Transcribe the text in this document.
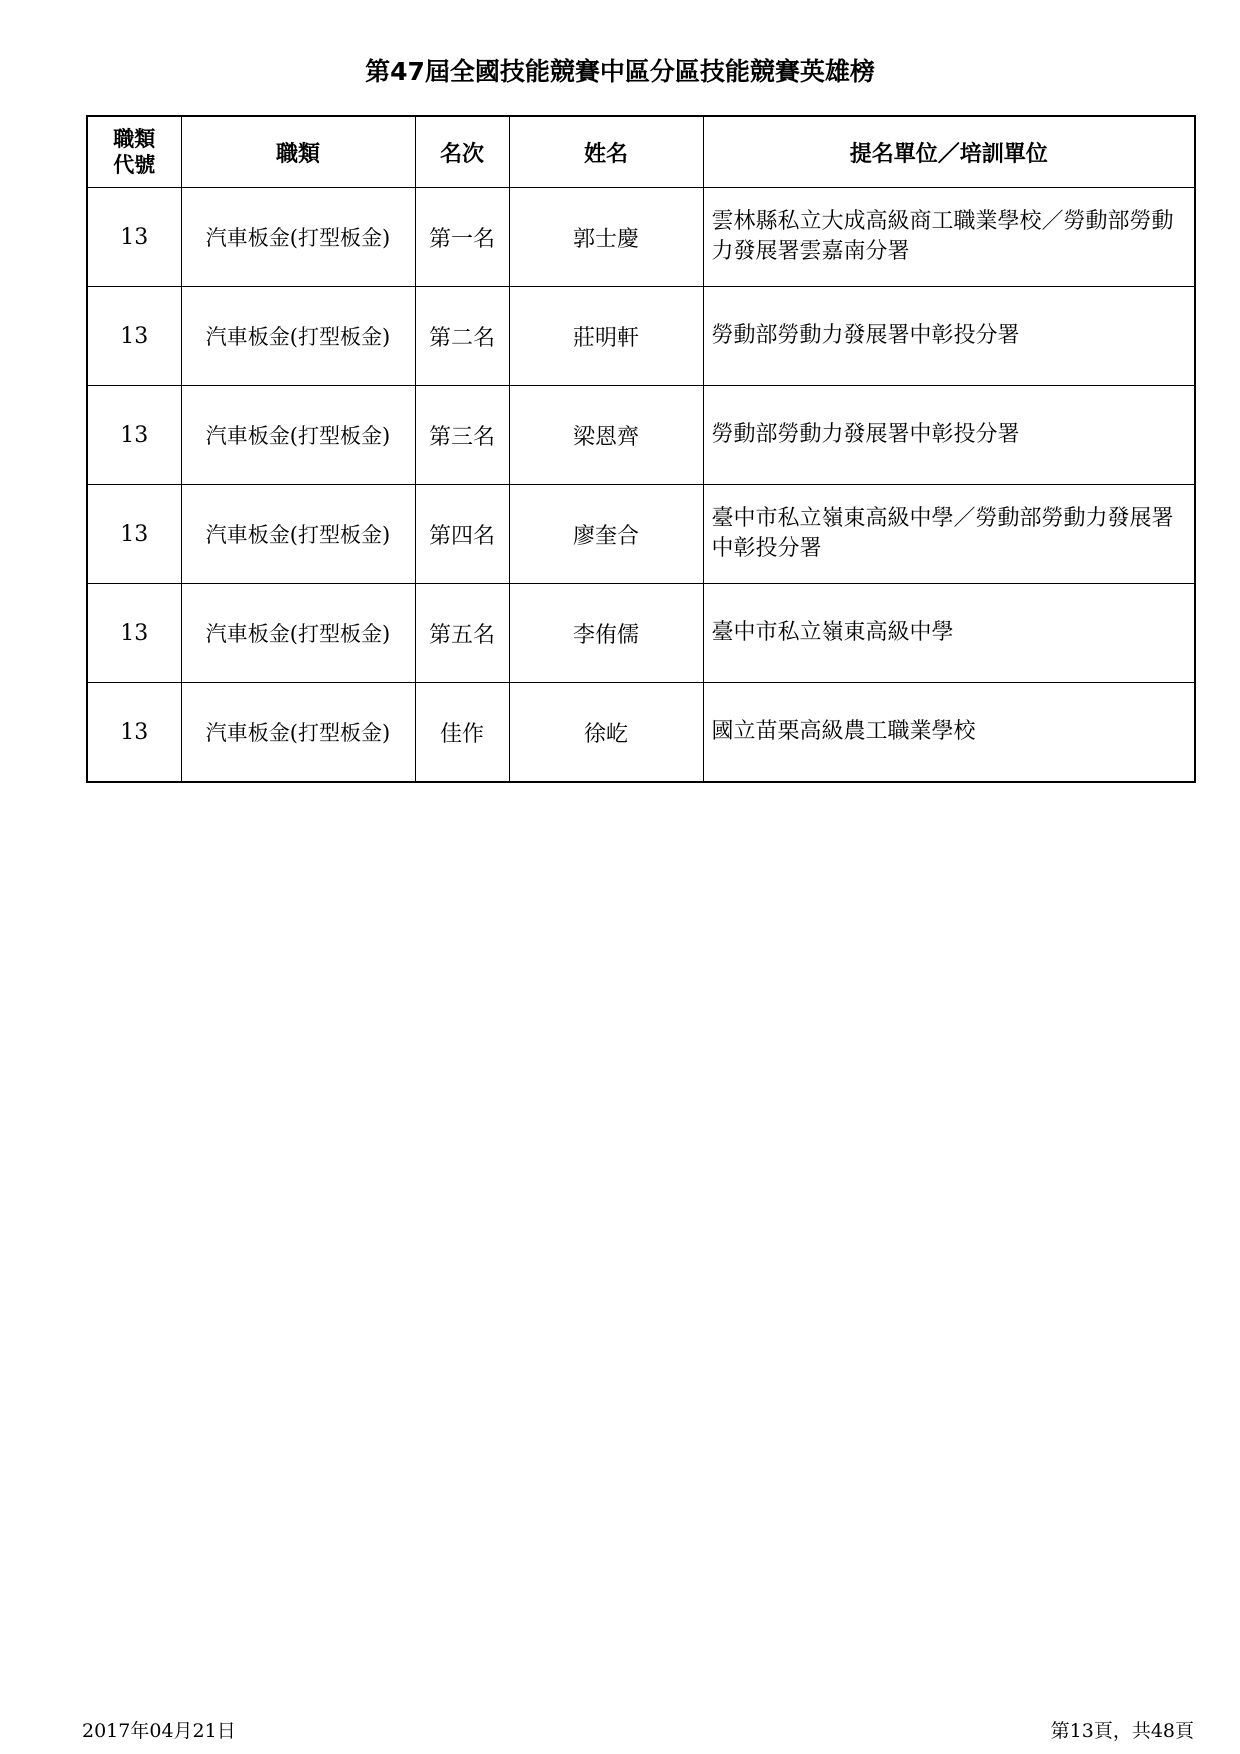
第47屆全國技能競賽中區分區技能競賽英雄榜
職類
代號	職類	名次	姓名	提名單位／培訓單位
13	汽車板金(打型板金)	第一名	郭士慶	雲林縣私立大成高級商工職業學校／勞動部勞動力發展署雲嘉南分署
13	汽車板金(打型板金)	第二名	莊明軒	勞動部勞動力發展署中彰投分署
13	汽車板金(打型板金)	第三名	梁恩齊	勞動部勞動力發展署中彰投分署
13	汽車板金(打型板金)	第四名	廖奎合	臺中市私立嶺東高級中學／勞動部勞動力發展署中彰投分署
13	汽車板金(打型板金)	第五名	李侑儒	臺中市私立嶺東高級中學
13	汽車板金(打型板金)	佳作	徐屹	國立苗栗高級農工職業學校
2017年04月21日	第13頁，共48頁
